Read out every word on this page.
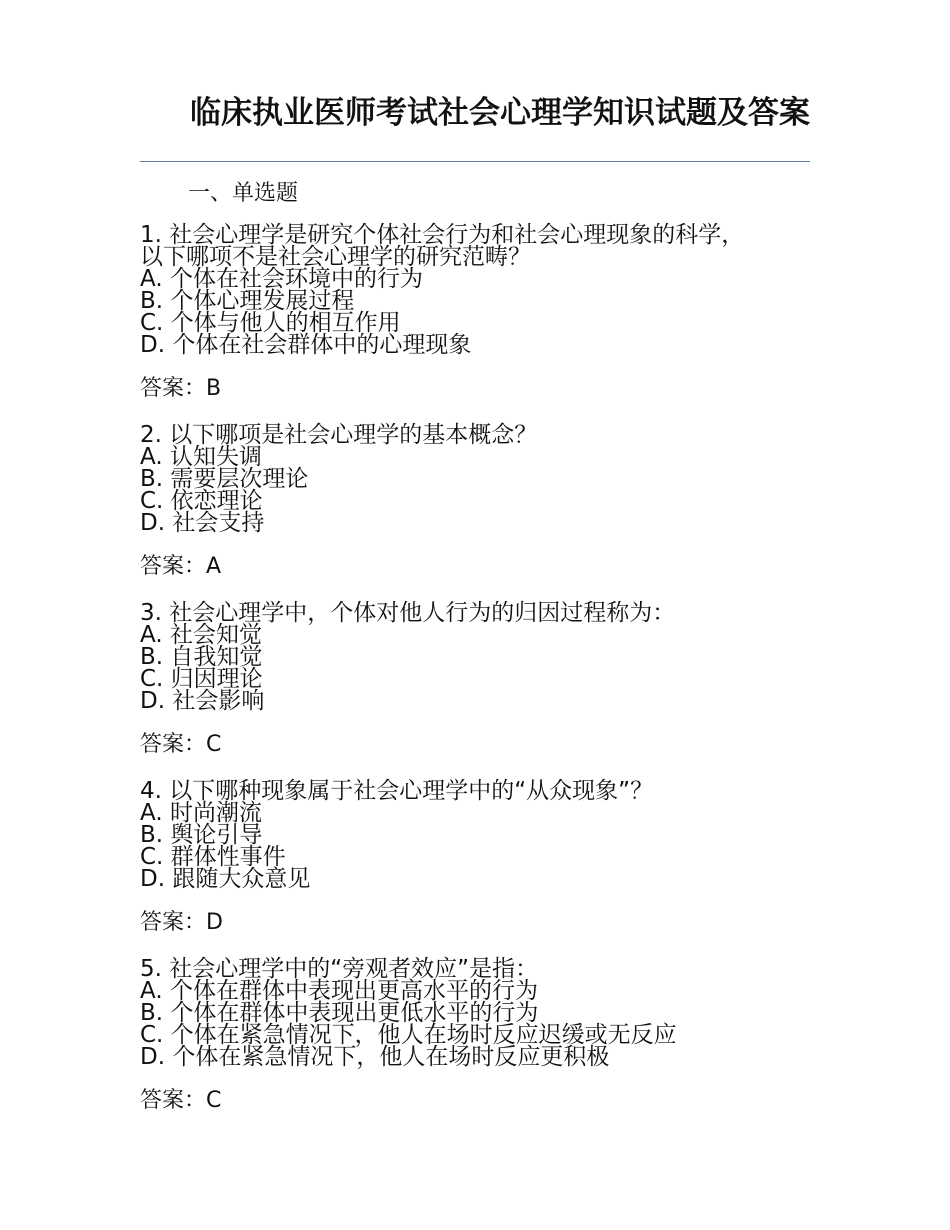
临床执业医师考试社会心理学知识试题及答案
一、单选题
1. 社会心理学是研究个体社会行为和社会心理现象的科学，
以下哪项不是社会心理学的研究范畴？
A. 个体在社会环境中的行为
B. 个体心理发展过程
C. 个体与他人的相互作用
D. 个体在社会群体中的心理现象
答案：B
2. 以下哪项是社会心理学的基本概念？
A. 认知失调
B. 需要层次理论
C. 依恋理论
D. 社会支持
答案：A
3. 社会心理学中，个体对他人行为的归因过程称为：
A. 社会知觉
B. 自我知觉
C. 归因理论
D. 社会影响
答案：C
4. 以下哪种现象属于社会心理学中的“从众现象”？
A. 时尚潮流
B. 舆论引导
C. 群体性事件
D. 跟随大众意见
答案：D
5. 社会心理学中的“旁观者效应”是指：
A. 个体在群体中表现出更高水平的行为
B. 个体在群体中表现出更低水平的行为
C. 个体在紧急情况下，他人在场时反应迟缓或无反应
D. 个体在紧急情况下，他人在场时反应更积极
答案：C
